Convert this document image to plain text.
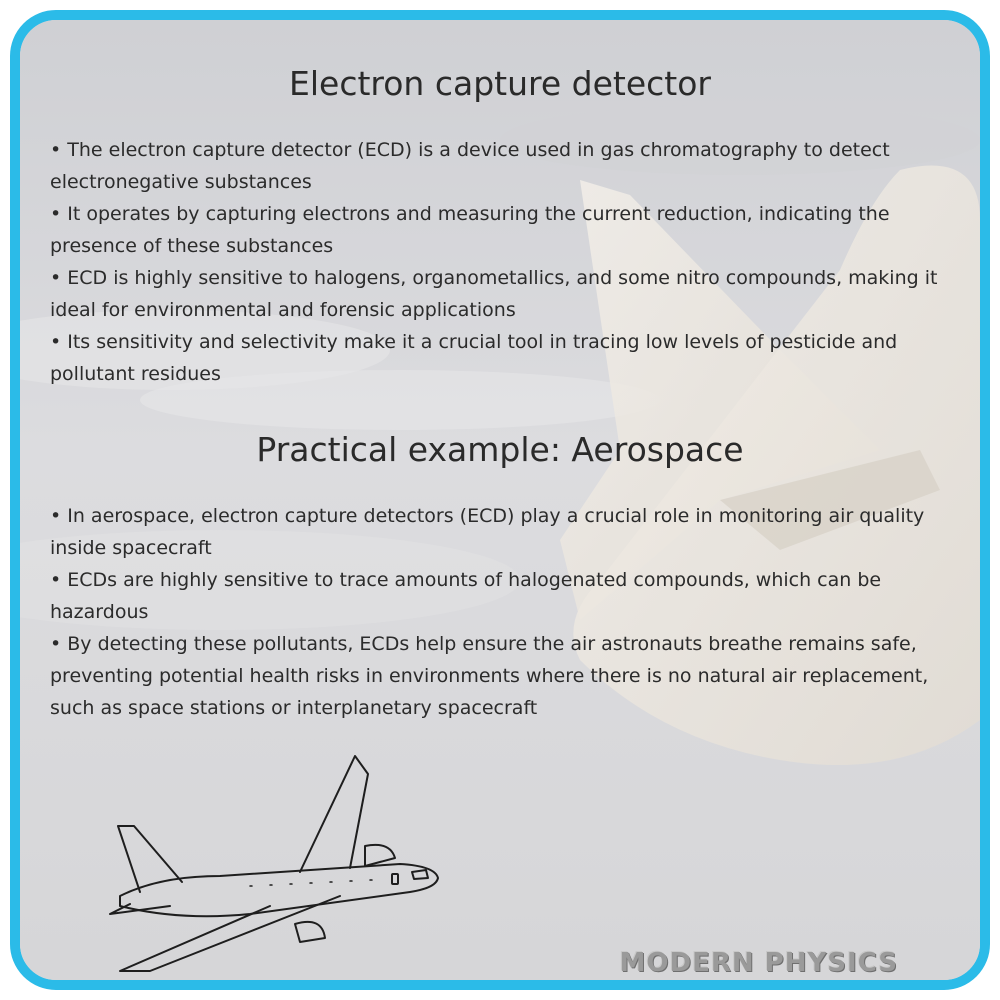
Electron capture detector
• The electron capture detector (ECD) is a device used in gas chromatography to detect electronegative substances
• It operates by capturing electrons and measuring the current reduction, indicating the presence of these substances
• ECD is highly sensitive to halogens, organometallics, and some nitro compounds, making it ideal for environmental and forensic applications
• Its sensitivity and selectivity make it a crucial tool in tracing low levels of pesticide and pollutant residues
Practical example: Aerospace
• In aerospace, electron capture detectors (ECD) play a crucial role in monitoring air quality inside spacecraft
• ECDs are highly sensitive to trace amounts of halogenated compounds, which can be hazardous
• By detecting these pollutants, ECDs help ensure the air astronauts breathe remains safe, preventing potential health risks in environments where there is no natural air replacement, such as space stations or interplanetary spacecraft
MODERN PHYSICS
